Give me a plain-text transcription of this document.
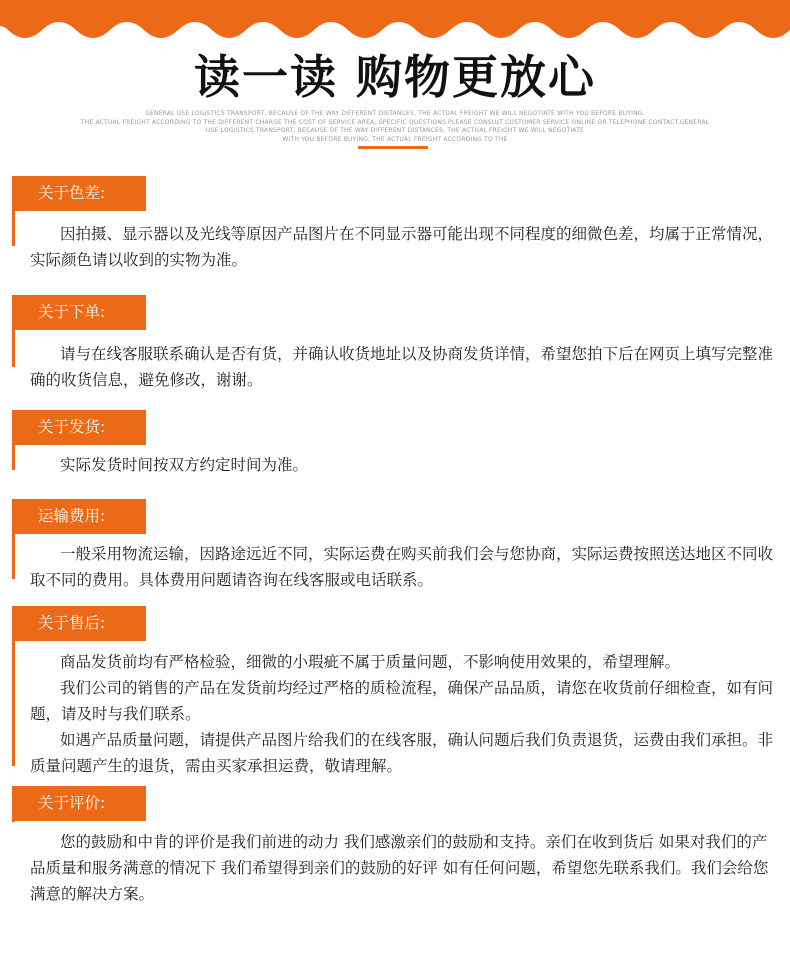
读一读 购物更放心
GENERAL USE LOGISTICS TRANSPORT, BECAUSE OF THE WAY DIFFERENT DISTANCES, THE ACTUAL FREIGHT WE WILL NEGOTIATE WITH YOU BEFORE BUYING.
THE ACTUAL FREIGHT ACCORDING TO THE DIFFERENT CHARGE THE COST OF SERVICE AREA, SPECIFIC QUESTIONS PLEASE CONSULT CUSTOMER SERVICE ONLINE OR TELEPHONE CONTACT.GENERAL
USE LOGISTICS TRANSPORT, BECAUSE OF THE WAY DIFFERENT DISTANCES, THE ACTUAL FREIGHT WE WILL NEGOTIATE
WITH YOU BEFORE BUYING, THE ACTUAL FREIGHT ACCORDING TO THE
关于色差:

因拍摄、显示器以及光线等原因产品图片在不同显示器可能出现不同程度的细微色差，均属于正常情况，实际颜色请以收到的实物为准。

关于下单:

请与在线客服联系确认是否有货，并确认收货地址以及协商发货详情，希望您拍下后在网页上填写完整准确的收货信息，避免修改，谢谢。

关于发货:

实际发货时间按双方约定时间为准。

运输费用:

一般采用物流运输，因路途远近不同，实际运费在购买前我们会与您协商，实际运费按照送达地区不同收取不同的费用。具体费用问题请咨询在线客服或电话联系。

关于售后:

商品发货前均有严格检验，细微的小瑕疵不属于质量问题，不影响使用效果的，希望理解。

我们公司的销售的产品在发货前均经过严格的质检流程，确保产品品质，请您在收货前仔细检查，如有问题，请及时与我们联系。

如遇产品质量问题，请提供产品图片给我们的在线客服，确认问题后我们负责退货，运费由我们承担。非质量问题产生的退货，需由买家承担运费，敬请理解。

关于评价:

您的鼓励和中肯的评价是我们前进的动力 我们感激亲们的鼓励和支持。亲们在收到货后 如果对我们的产品质量和服务满意的情况下 我们希望得到亲们的鼓励的好评 如有任何问题，希望您先联系我们。我们会给您满意的解决方案。
